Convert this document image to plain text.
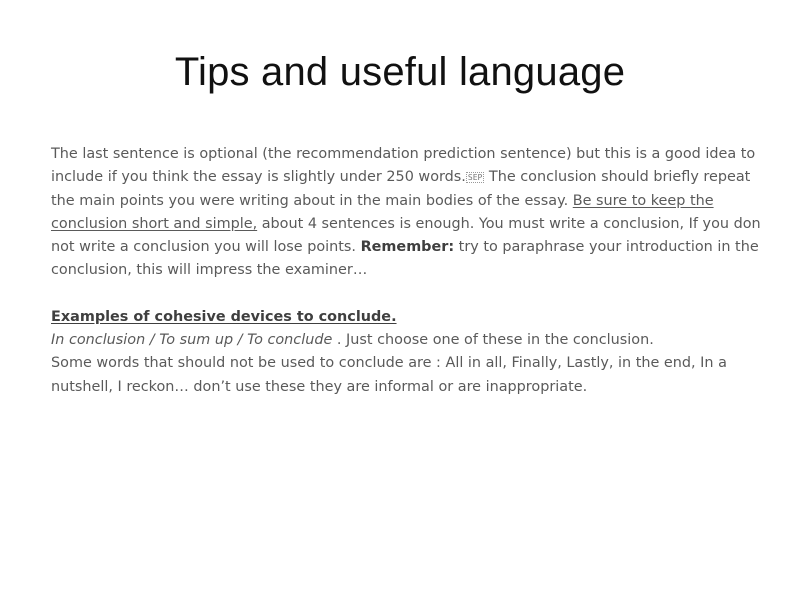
Tips and useful language

The last sentence is optional (the recommendation prediction sentence) but this is a good idea to include if you think the essay is slightly under 250 words. SEP The conclusion should briefly repeat the main points you were writing about in the main bodies of the essay. Be sure to keep the conclusion short and simple, about 4 sentences is enough. You must write a conclusion, If you don not write a conclusion you will lose points. Remember: try to paraphrase your introduction in the conclusion, this will impress the examiner…

Examples of cohesive devices to conclude.

In conclusion / To sum up / To conclude . Just choose one of these in the conclusion.

Some words that should not be used to conclude are : All in all, Finally, Lastly, in the end, In a nutshell, I reckon… don’t use these they are informal or are inappropriate.
